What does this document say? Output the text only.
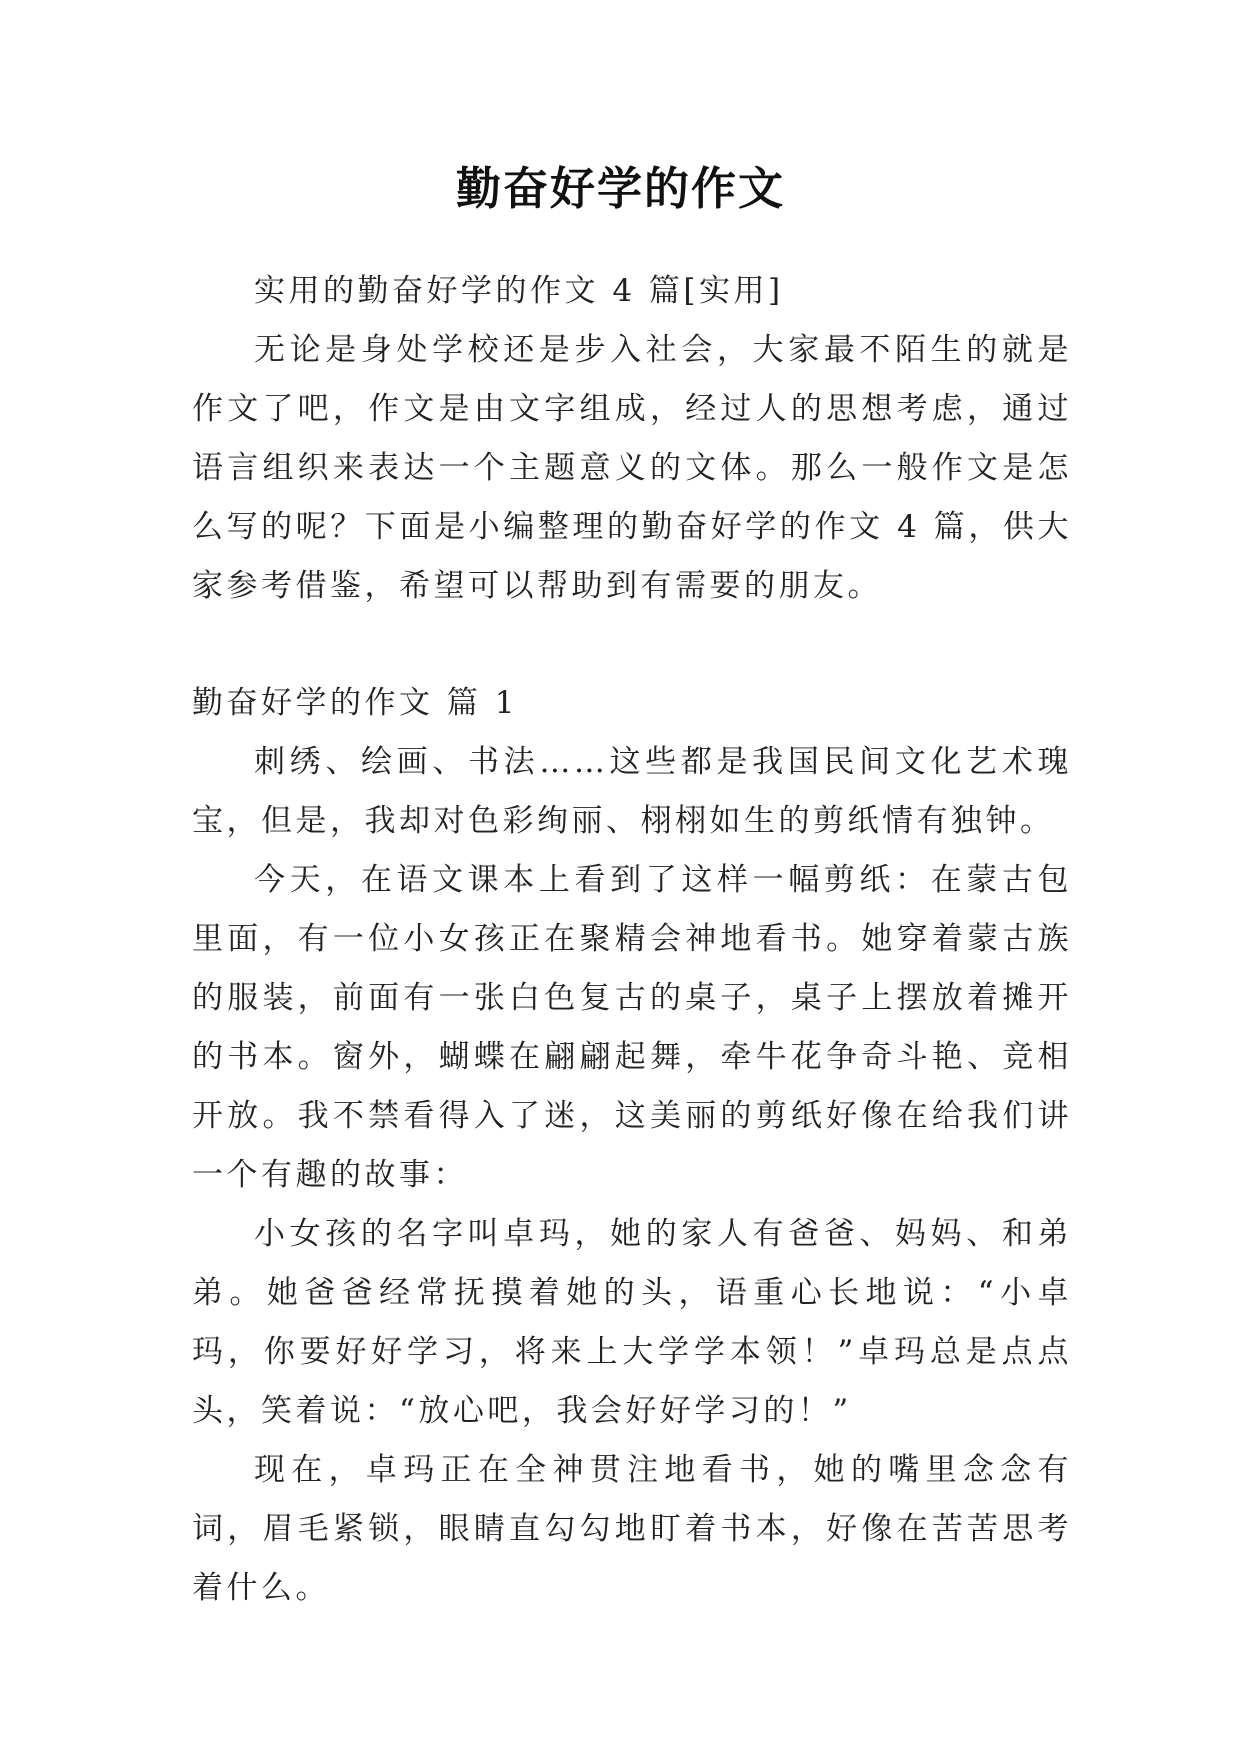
勤奋好学的作文

实用的勤奋好学的作文 4 篇[实用]

无论是身处学校还是步入社会，大家最不陌生的就是作文了吧，作文是由文字组成，经过人的思想考虑，通过语言组织来表达一个主题意义的文体。那么一般作文是怎么写的呢？下面是小编整理的勤奋好学的作文 4 篇，供大家参考借鉴，希望可以帮助到有需要的朋友。

勤奋好学的作文 篇 1

刺绣、绘画、书法……这些都是我国民间文化艺术瑰宝，但是，我却对色彩绚丽、栩栩如生的剪纸情有独钟。

今天，在语文课本上看到了这样一幅剪纸：在蒙古包里面，有一位小女孩正在聚精会神地看书。她穿着蒙古族的服装，前面有一张白色复古的桌子，桌子上摆放着摊开的书本。窗外，蝴蝶在翩翩起舞，牵牛花争奇斗艳、竞相开放。我不禁看得入了迷，这美丽的剪纸好像在给我们讲一个有趣的故事：

小女孩的名字叫卓玛，她的家人有爸爸、妈妈、和弟弟。她爸爸经常抚摸着她的头，语重心长地说：“小卓玛，你要好好学习，将来上大学学本领！”卓玛总是点点头，笑着说：“放心吧，我会好好学习的！”

现在，卓玛正在全神贯注地看书，她的嘴里念念有词，眉毛紧锁，眼睛直勾勾地盯着书本，好像在苦苦思考着什么。
